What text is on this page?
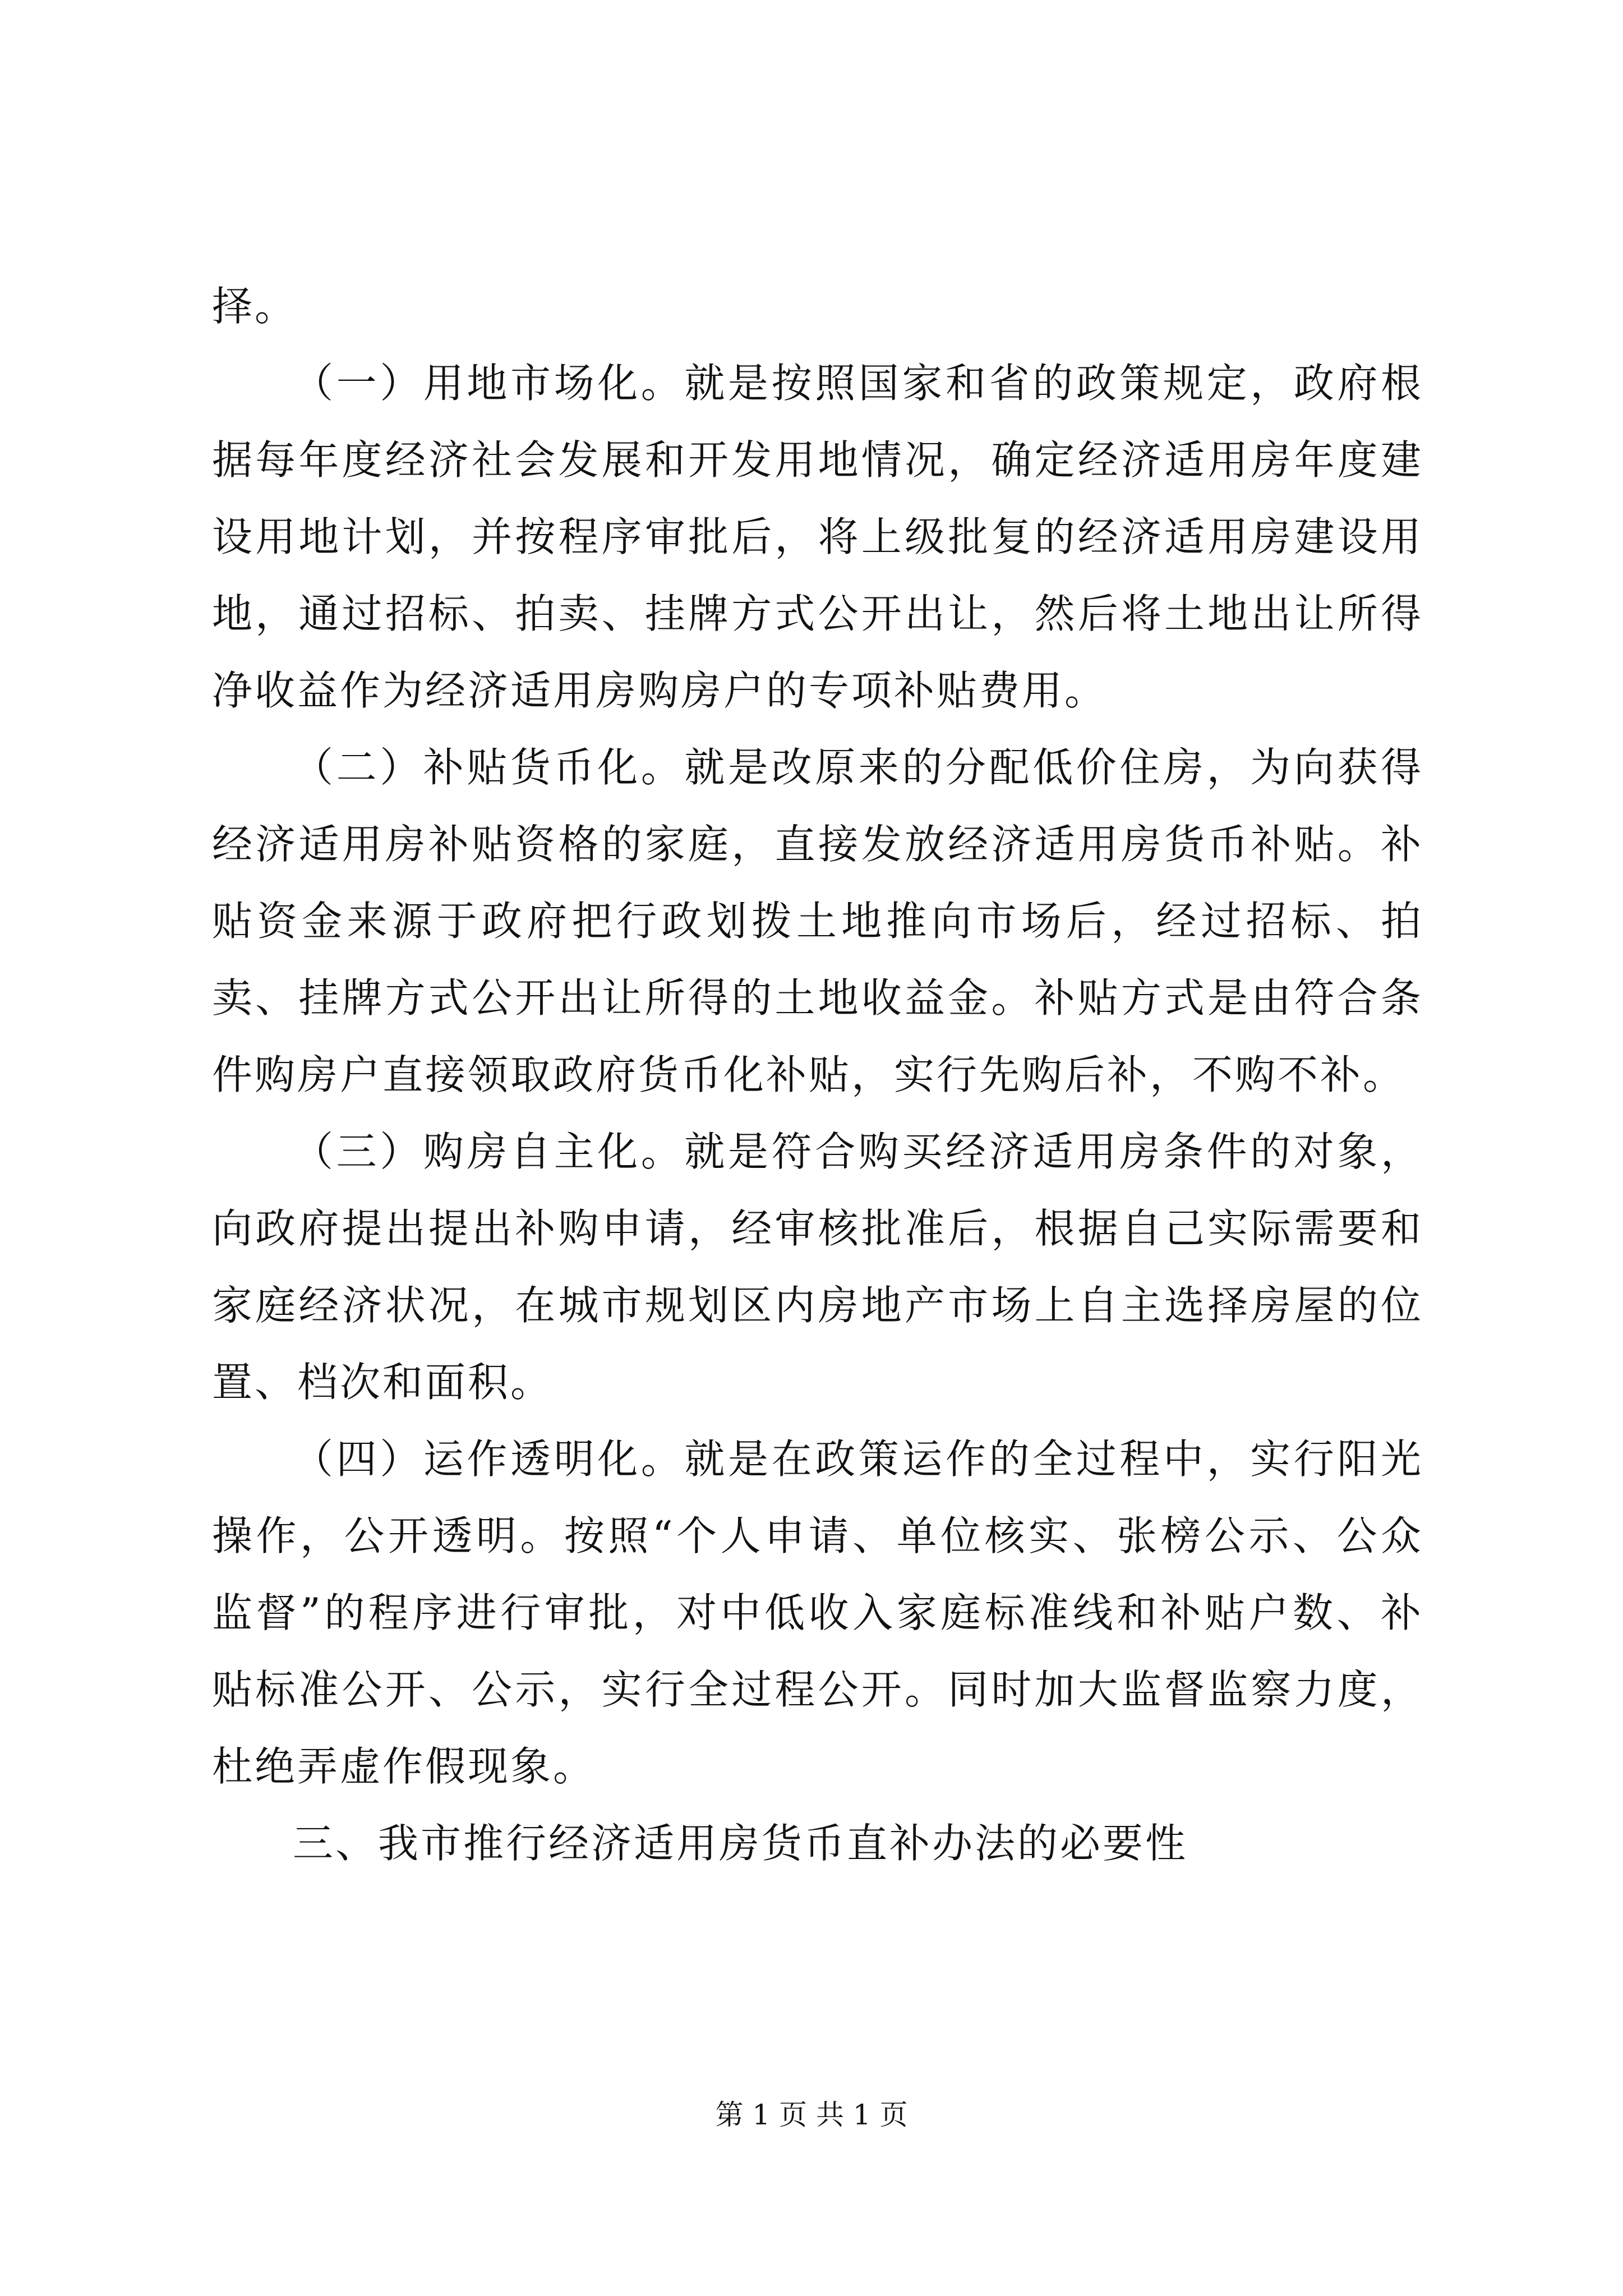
择。

（一）用地市场化。就是按照国家和省的政策规定，政府根据每年度经济社会发展和开发用地情况，确定经济适用房年度建设用地计划，并按程序审批后，将上级批复的经济适用房建设用地，通过招标、拍卖、挂牌方式公开出让，然后将土地出让所得净收益作为经济适用房购房户的专项补贴费用。

（二）补贴货币化。就是改原来的分配低价住房，为向获得经济适用房补贴资格的家庭，直接发放经济适用房货币补贴。补贴资金来源于政府把行政划拨土地推向市场后，经过招标、拍卖、挂牌方式公开出让所得的土地收益金。补贴方式是由符合条件购房户直接领取政府货币化补贴，实行先购后补，不购不补。

（三）购房自主化。就是符合购买经济适用房条件的对象，向政府提出提出补购申请，经审核批准后，根据自己实际需要和家庭经济状况，在城市规划区内房地产市场上自主选择房屋的位置、档次和面积。

（四）运作透明化。就是在政策运作的全过程中，实行阳光操作，公开透明。按照“个人申请、单位核实、张榜公示、公众监督”的程序进行审批，对中低收入家庭标准线和补贴户数、补贴标准公开、公示，实行全过程公开。同时加大监督监察力度，杜绝弄虚作假现象。

三、我市推行经济适用房货币直补办法的必要性

第 1 页 共 1 页
